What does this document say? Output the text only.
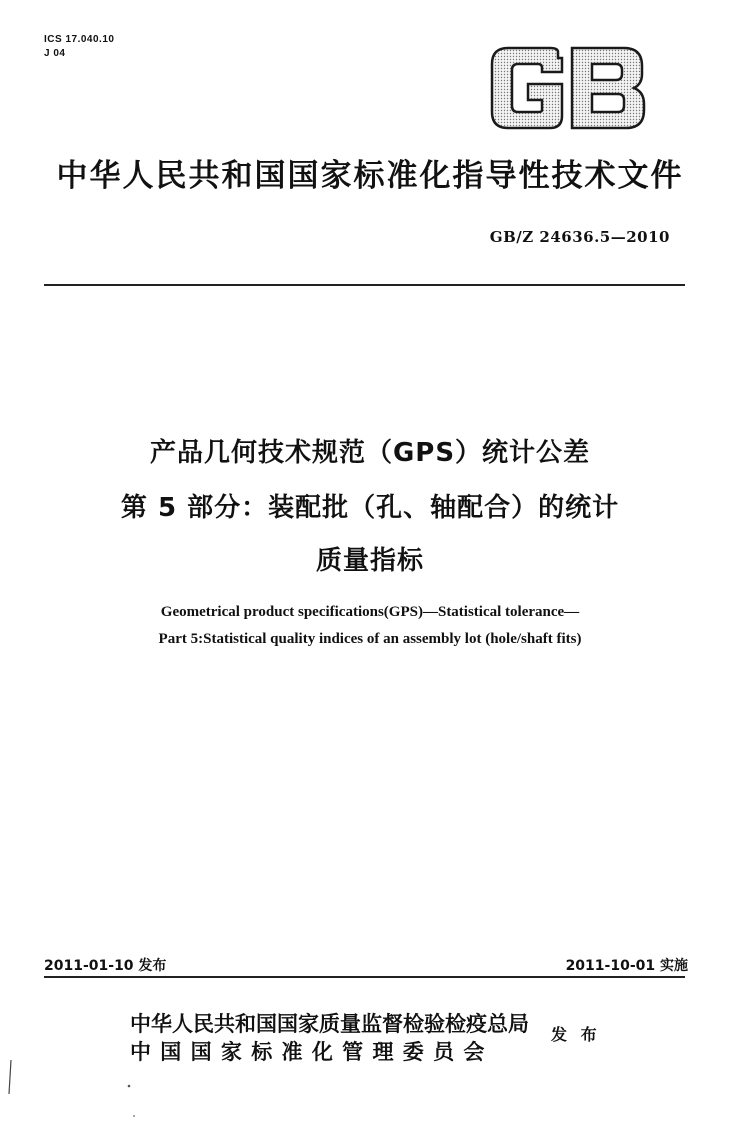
ICS 17.040.10
J 04
中华人民共和国国家标准化指导性技术文件
GB/Z 24636.5—2010
产品几何技术规范（GPS）统计公差
第 5 部分：装配批（孔、轴配合）的统计
质量指标
Geometrical product specifications(GPS)—Statistical tolerance—
Part 5:Statistical quality indices of an assembly lot (hole/shaft fits)
2011-01-10 发布	2011-10-01 实施
中华人民共和国国家质量监督检验检疫总局
中 国 国 家 标 准 化 管 理 委 员 会
发 布
